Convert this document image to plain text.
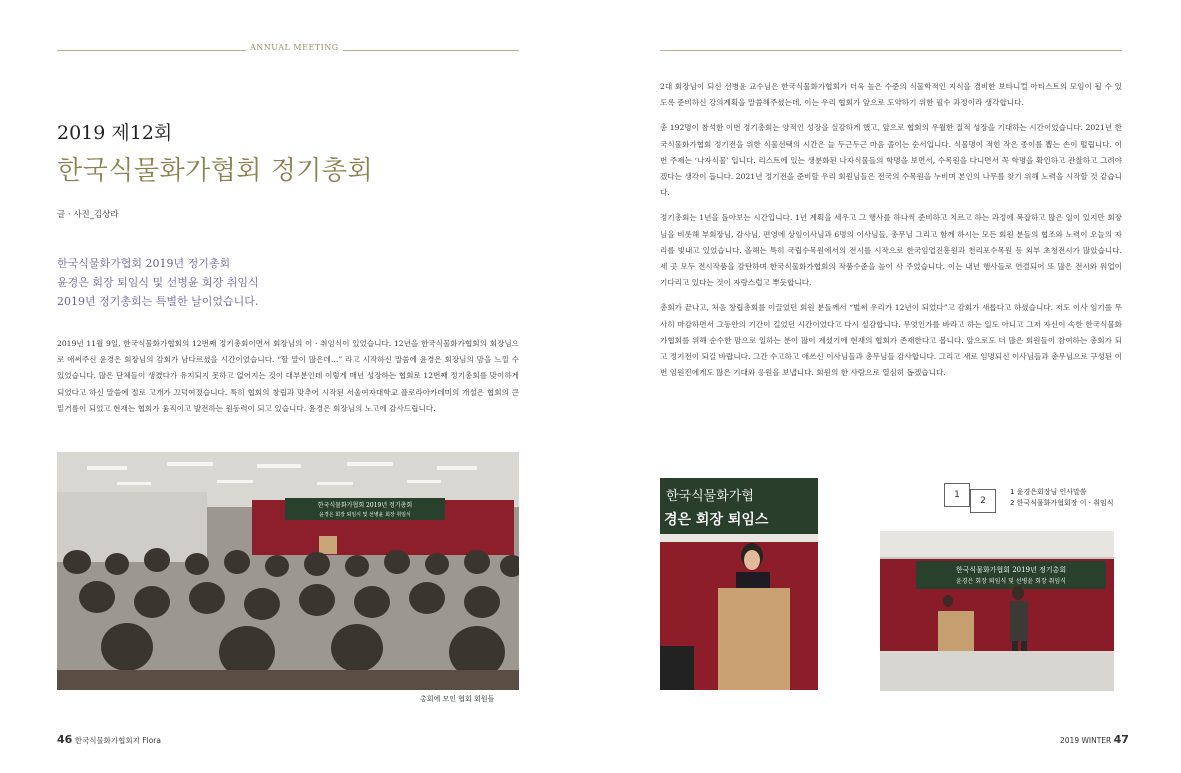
ANNUAL MEETING
2019 제12회
한국식물화가협회 정기총회
글 · 사진_김상라
한국식물화가협회 2019년 정기총회
윤경은 회장 퇴임식 및 선병윤 회장 취임식
2019년 정기총회는 특별한 날이었습니다.

2019년 11월 9일, 한국식물화가협회의 12번째 정기총회이면서 회장님의 이 · 취임식이 있었습니다. 12년을 한국식물화가협회의 회장님으로 애써주신 윤경은 회장님의 감회가 남다르셨을 시간이었습니다. “할 말이 많은데…” 라고 시작하신 말씀에 윤경은 회장님의 맘을 느낄 수 있었습니다. 많은 단체들이 생겼다가 유지되지 못하고 없어지는 것이 대부분인데 이렇게 매년 성장하는 협회로 12번째 정기총회를 맞이하게 되었다고 하신 말씀에 절로 고개가 끄덕여졌습니다. 특히 협회의 창립과 맞추어 시작된 서울여자대학교 플로라아카데미의 개설은 협회의 큰 밑거름이 되었고 현재는 협회가 움직이고 발전하는 원동력이 되고 있습니다. 윤경은 회장님의 노고에 감사드립니다.

한국식물화가협회 2019년 정기총회
윤경은 회장 퇴임식 및 선병윤 회장 취임식
총회에 모인 협회 회원들
46 한국식물화가협회지 Flora

2대 회장님이 되신 선병윤 교수님은 한국식물화가협회가 더욱 높은 수준의 식물학적인 지식을 겸비한 보타니컬 아티스트의 모임이 될 수 있도록 준비하신 강의계획을 말씀해주셨는데, 이는 우리 협회가 앞으로 도약하기 위한 필수 과정이라 생각합니다.

총 192명이 참석한 이번 정기총회는 양적인 성장을 실감하게 했고, 앞으로 협회의 우월한 질적 성장을 기대하는 시간이었습니다. 2021년 한국식물화가협회 정기전을 위한 식물선택의 시간은 늘 두근두근 마음 졸이는 순서입니다. 식물명이 적힌 작은 종이를 뽑는 손이 떨립니다. 이번 주제는 ‘나자식물’ 입니다. 리스트에 있는 생분화된 나자식물들의 학명을 보면서, 수목원을 다니면서 꼭 학명을 확인하고 관찰하고 그려야겠다는 생각이 듭니다. 2021년 정기전을 준비할 우리 회원님들은 전국의 수목원을 누비며 본인의 나무를 찾기 위해 노력을 시작할 것 같습니다.

정기총회는 1년을 돌아보는 시간입니다. 1년 계획을 세우고 그 행사를 하나씩 준비하고 치르고 하는 과정에 복잡하고 많은 일이 있지만 회장님을 비롯해 부회장님, 감사님, 편영에 상임이사님과 6명의 이사님들, 총무님 그리고 함께 하시는 모든 회원 분들의 협조와 노력이 오늘의 자리를 빛내고 있었습니다. 올해는 특히 국립수목원에서의 전시를 시작으로 한국임업진흥원과 천리포수목원 등 외부 초청전시가 많았습니다. 세 곳 모두 전시작품을 감탄하며 한국식물화가협회의 작품수준을 높이 사 주었습니다. 이는 내년 행사들로 연결되어 또 많은 전시와 워업이 기다리고 있다는 것이 자랑스럽고 뿌듯합니다.

총회가 끝나고, 처음 창립총회를 이끌었던 회원 분들께서 “벌써 우리가 12년이 되었다”고 감회가 새롭다고 하셨습니다. 저도 이사 임기를 무사히 마감하면서 그동안의 기간이 길었던 시간이었다고 다시 실감합니다. 무엇인가를 바라고 하는 일도 아니고 그저 자신이 속한 한국식물화가협회를 위해 순수한 맘으로 일하는 분이 많이 계셨기에 현재의 협회가 존재한다고 봅니다. 앞으로도 더 많은 회원들이 참여하는 총회가 되고 정기전이 되길 바랍니다. 그간 수고하고 애쓰신 이사님들과 총무님들 감사합니다. 그리고 새로 임명되신 이사님들과 총무님으로 구성된 이번 임원진에게도 많은 기대와 응원을 보냅니다. 회원의 한 사람으로 열심히 돕겠습니다.

한국식물화가협
경은 회장 퇴임스
한국식물화가협회 2019년 정기총회
윤경은 회장 퇴임식 및 선병윤 회장 취임식
1
2
1 윤경은회장님 인사말씀
2 한국식물화가협회장 이 · 취임식
2019 WINTER 47
